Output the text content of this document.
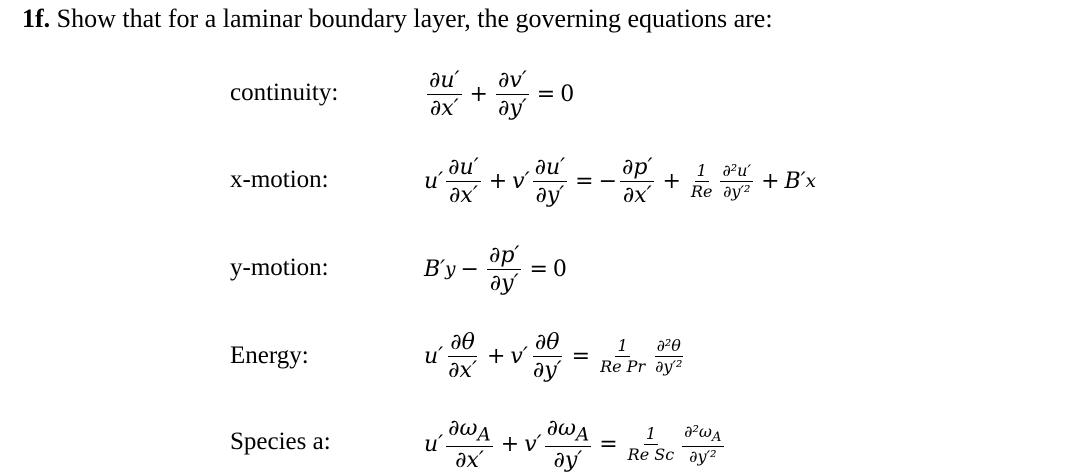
1f. Show that for a laminar boundary layer, the governing equations are:
continuity:	$\frac{\partial u'}{\partial x'} + \frac{\partial v'}{\partial y'} = 0$
x-motion:	$u' \frac{\partial u'}{\partial x'} + v' \frac{\partial u'}{\partial y'}$ = − $\frac{\partial p'}{\partial x'} + \frac{1}{Re} \frac{\text{∂²u′}}{\text{∂y′²}} + B'$ x
y-motion:	B′ $y - \frac{\partial p'}{\partial y'} = 0$
Energy:	$u' \frac{\partial\theta}{\partial x'} + v' \frac{\partial\theta}{\partial y'} = \frac{1}{\text{Re Pr}} \frac{\text{∂²θ}}{\text{∂y′²}}$
Species a:	$u' \frac{\partial\omega_A}{\partial x'} + v' \frac{\partial\omega_A}{\partial y'} = \frac{1}{\text{Re Sc}} \frac{\partial^2\omega_A}{\text{∂y′²}}$
